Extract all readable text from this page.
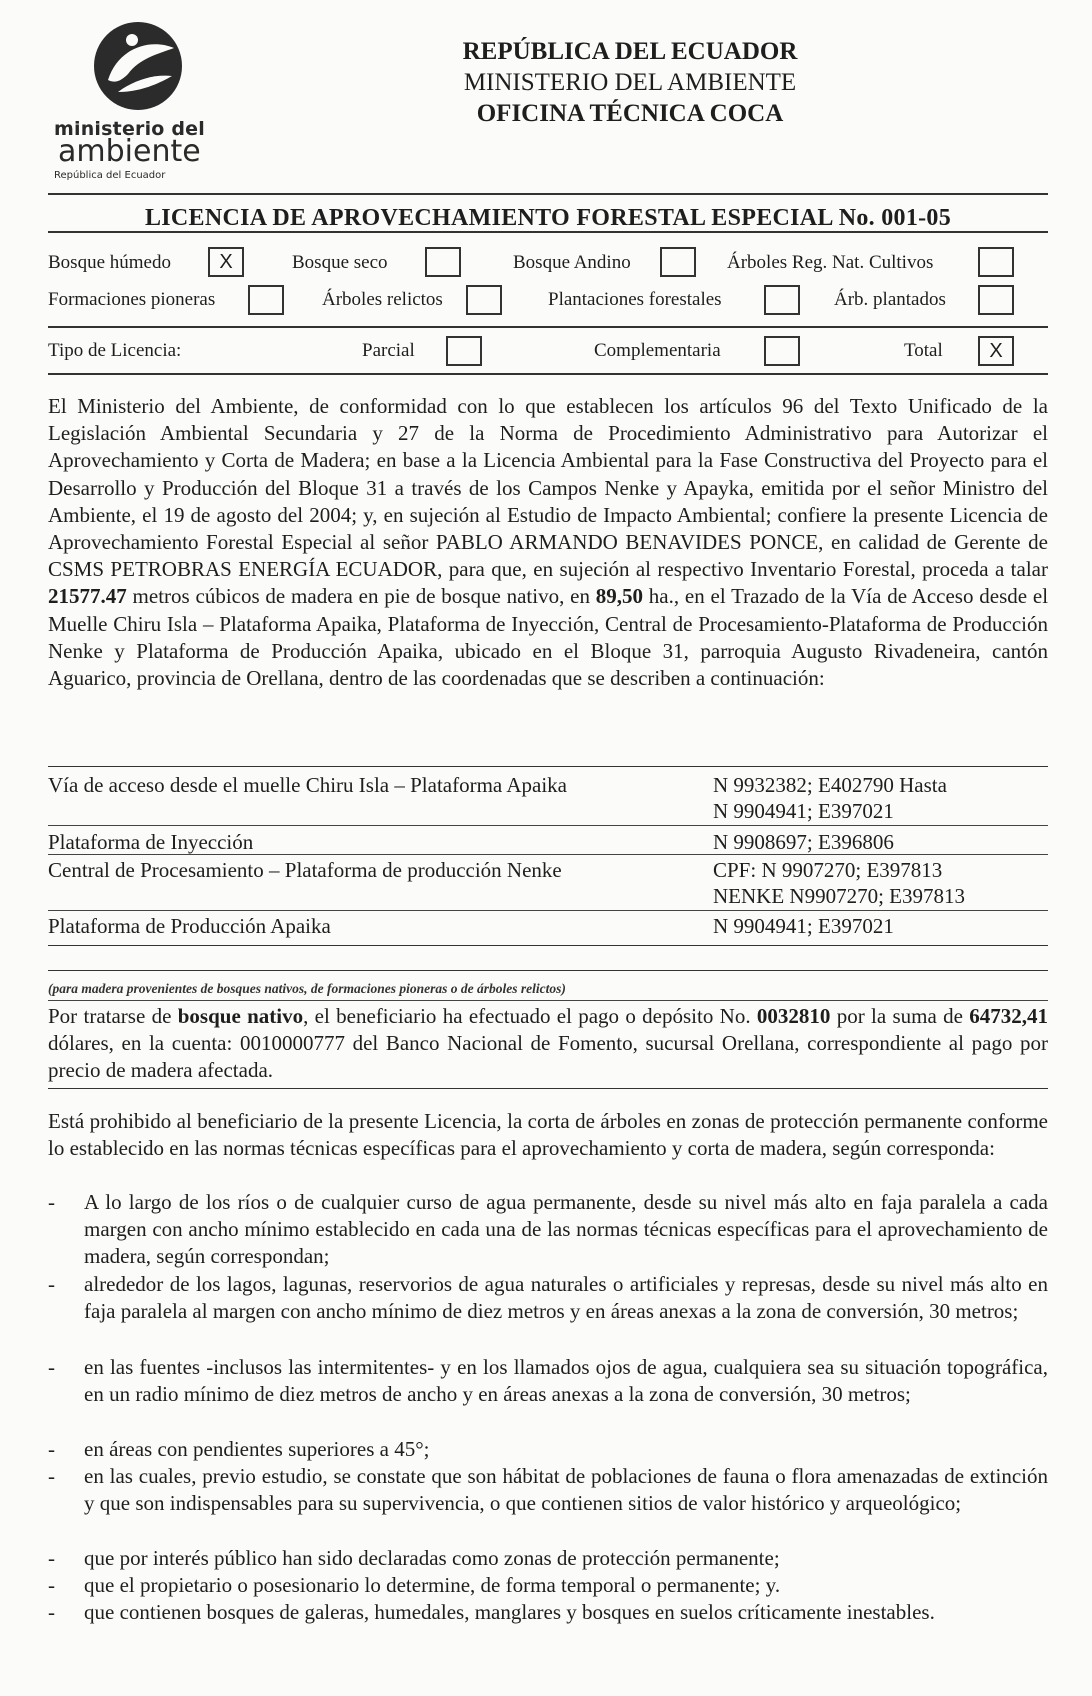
ministerio del
ambiente
República del Ecuador
REPÚBLICA DEL ECUADOR
MINISTERIO DEL AMBIENTE
OFICINA TÉCNICA COCA
LICENCIA DE APROVECHAMIENTO FORESTAL ESPECIAL No. 001-05
Bosque húmedo	X	Bosque seco	Bosque Andino	Árboles Reg. Nat. Cultivos
Formaciones pioneras	Árboles relictos	Plantaciones forestales	Árb. plantados
Tipo de Licencia:	Parcial	Complementaria	Total	X
El Ministerio del Ambiente, de conformidad con lo que establecen los artículos 96 del Texto Unificado de la Legislación Ambiental Secundaria y 27 de la Norma de Procedimiento Administrativo para Autorizar el Aprovechamiento y Corta de Madera; en base a la Licencia Ambiental para la Fase Constructiva del Proyecto para el Desarrollo y Producción del Bloque 31 a través de los Campos Nenke y Apayka, emitida por el señor Ministro del Ambiente, el 19 de agosto del 2004; y, en sujeción al Estudio de Impacto Ambiental; confiere la presente Licencia de Aprovechamiento Forestal Especial al señor PABLO ARMANDO BENAVIDES PONCE, en calidad de Gerente de CSMS PETROBRAS ENERGÍA ECUADOR, para que, en sujeción al respectivo Inventario Forestal, proceda a talar 21577.47 metros cúbicos de madera en pie de bosque nativo, en 89,50 ha., en el Trazado de la Vía de Acceso desde el Muelle Chiru Isla – Plataforma Apaika, Plataforma de Inyección, Central de Procesamiento-Plataforma de Producción Nenke y Plataforma de Producción Apaika, ubicado en el Bloque 31, parroquia Augusto Rivadeneira, cantón Aguarico, provincia de Orellana, dentro de las coordenadas que se describen a continuación:
Vía de acceso desde el muelle Chiru Isla – Plataforma Apaika	N 9932382; E402790 Hasta
N 9904941; E397021
Plataforma de Inyección	N 9908697; E396806
Central de Procesamiento – Plataforma de producción Nenke	CPF: N 9907270; E397813
NENKE N9907270; E397813
Plataforma de Producción Apaika	N 9904941; E397021
(para madera provenientes de bosques nativos, de formaciones pioneras o de árboles relictos)
Por tratarse de bosque nativo, el beneficiario ha efectuado el pago o depósito No. 0032810 por la suma de 64732,41 dólares, en la cuenta: 0010000777 del Banco Nacional de Fomento, sucursal Orellana, correspondiente al pago por precio de madera afectada.
Está prohibido al beneficiario de la presente Licencia, la corta de árboles en zonas de protección permanente conforme lo establecido en las normas técnicas específicas para el aprovechamiento y corta de madera, según corresponda:
-	A lo largo de los ríos o de cualquier curso de agua permanente, desde su nivel más alto en faja paralela a cada margen con ancho mínimo establecido en cada una de las normas técnicas específicas para el aprovechamiento de madera, según correspondan;
-	alrededor de los lagos, lagunas, reservorios de agua naturales o artificiales y represas, desde su nivel más alto en faja paralela al margen con ancho mínimo de diez metros y en áreas anexas a la zona de conversión, 30 metros;
-	en las fuentes -inclusos las intermitentes- y en los llamados ojos de agua, cualquiera sea su situación topográfica, en un radio mínimo de diez metros de ancho y en áreas anexas a la zona de conversión, 30 metros;
-	en áreas con pendientes superiores a 45°;
-	en las cuales, previo estudio, se constate que son hábitat de poblaciones de fauna o flora amenazadas de extinción y que son indispensables para su supervivencia, o que contienen sitios de valor histórico y arqueológico;
-	que por interés público han sido declaradas como zonas de protección permanente;
-	que el propietario o posesionario lo determine, de forma temporal o permanente; y.
-	que contienen bosques de galeras, humedales, manglares y bosques en suelos críticamente inestables.
